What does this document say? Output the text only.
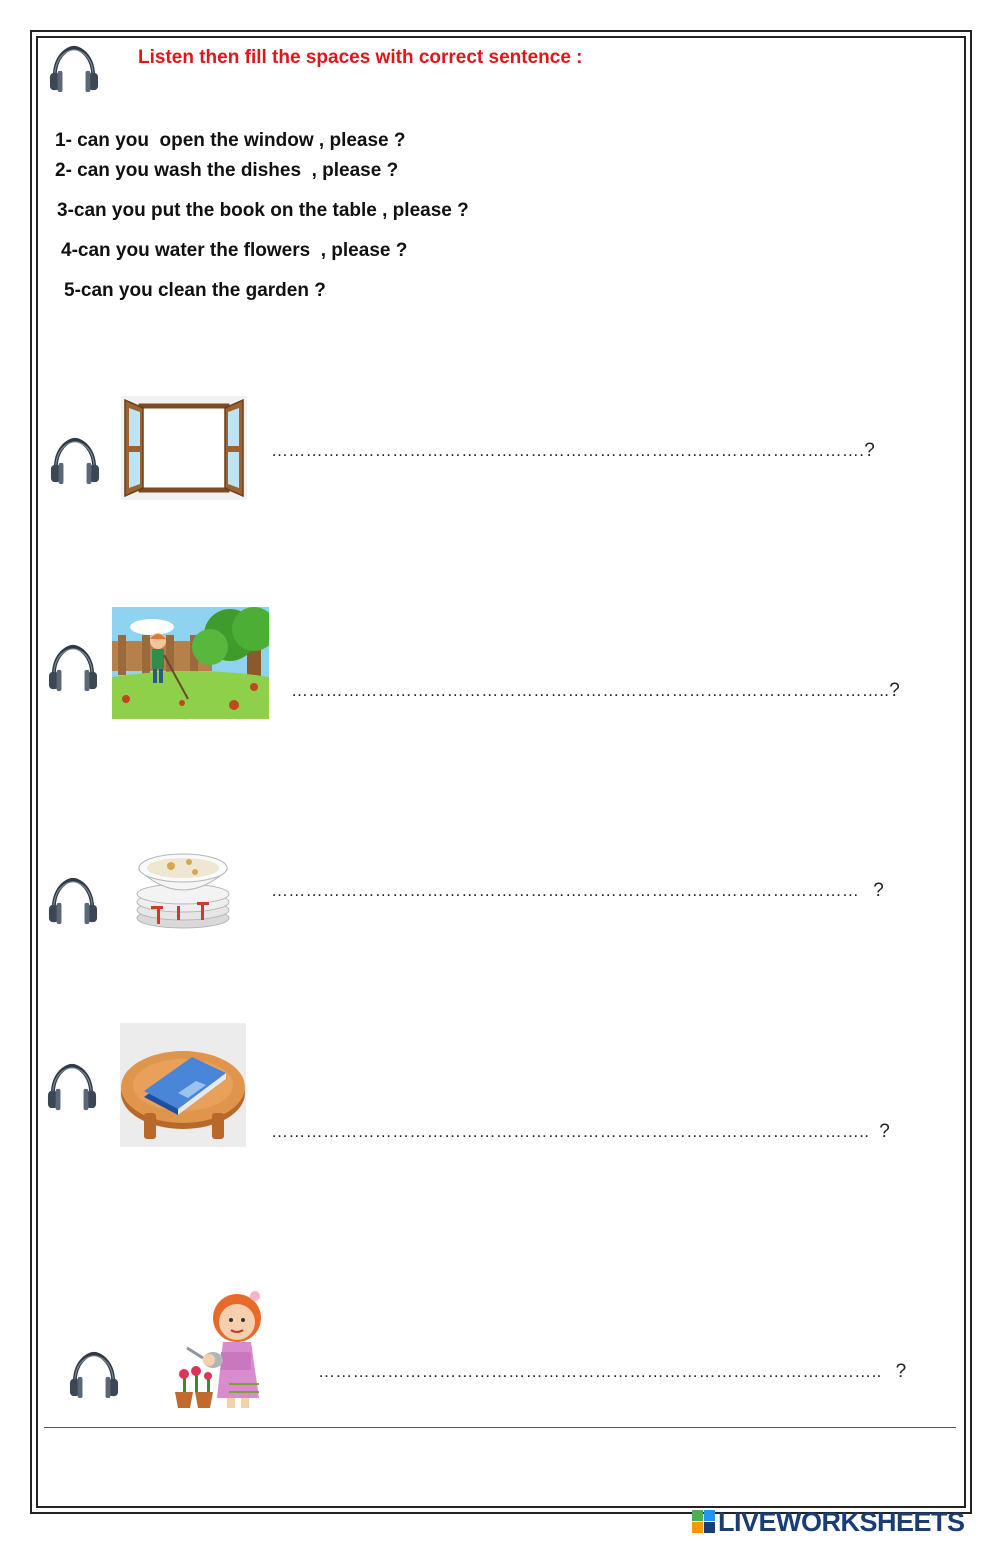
Listen then fill the spaces with correct sentence :
1- can you  open the window , please ?
2- can you wash the dishes  , please ?
3-can you put the book on the table , please ?
4-can you water the flowers  , please ?
5-can you clean the garden ?
………………………………………………………………………………………….?
…………………………………………………………………………………………..?
………………………………………………………………………………………… ?
………………………………………………………………………………………….. ?
…………………………………………………………………………………….. ?
LIVEWORKSHEETS
